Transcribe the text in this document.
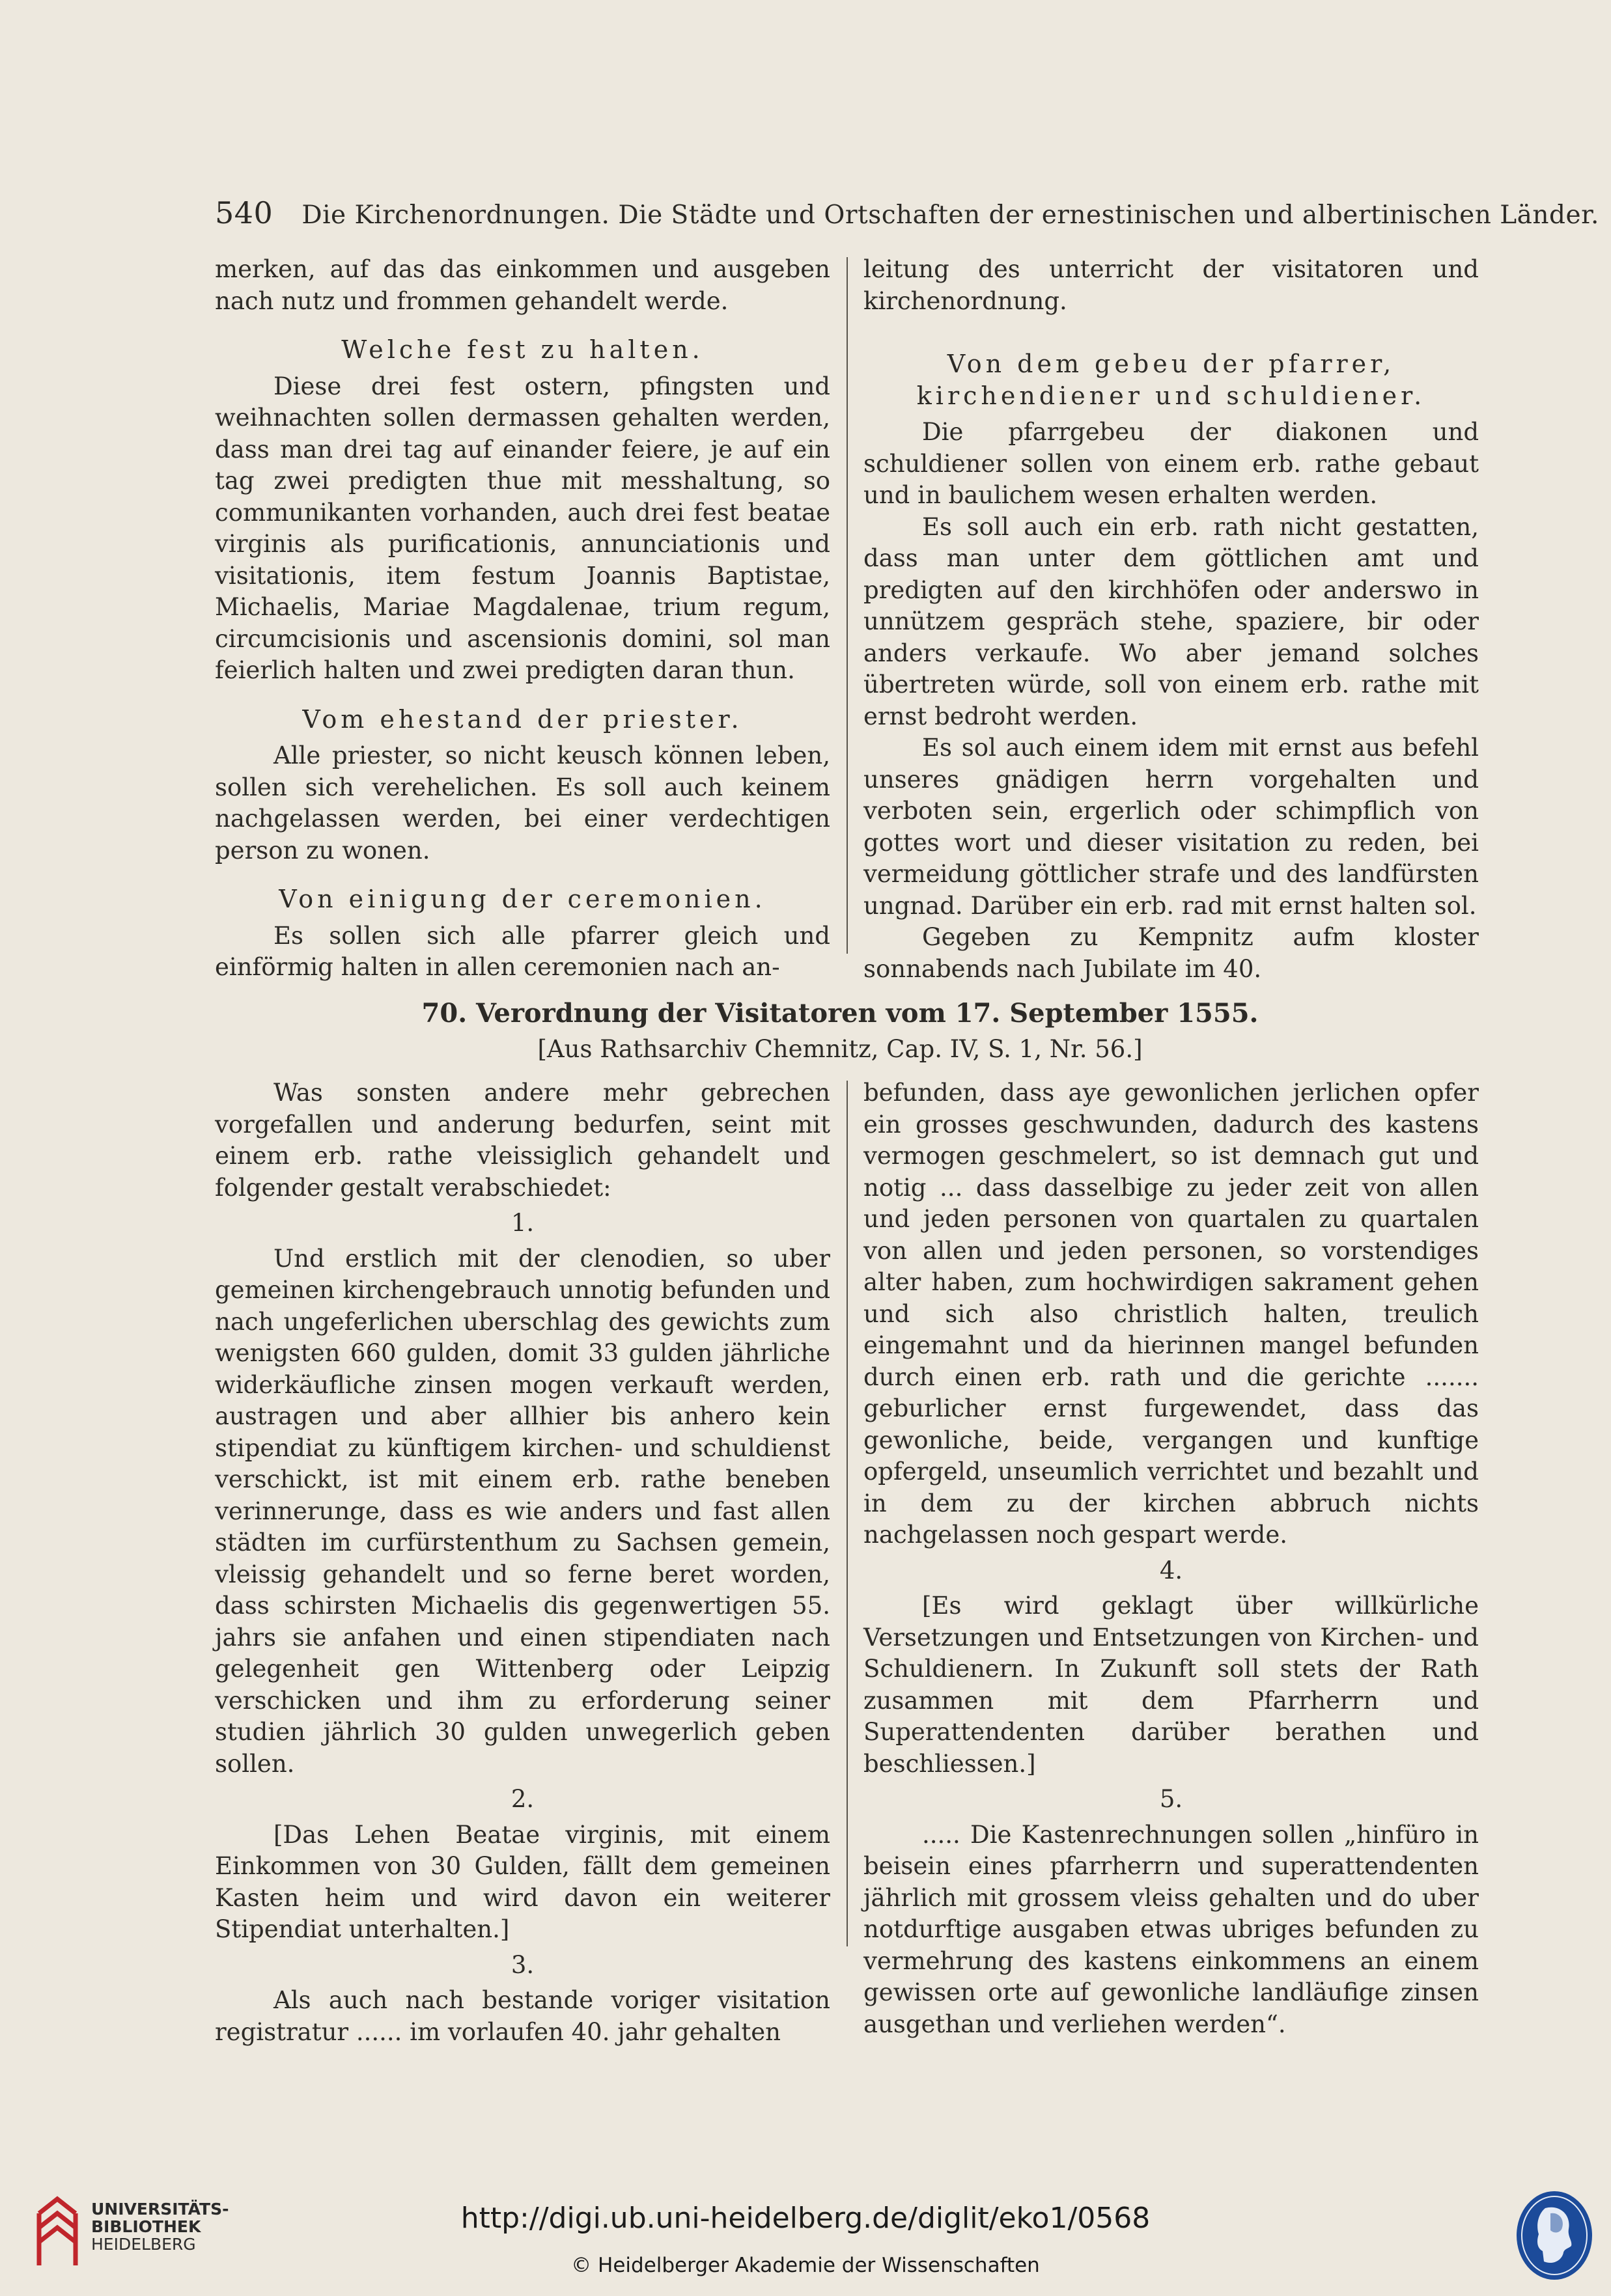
540 Die Kirchenordnungen. Die Städte und Ortschaften der ernestinischen und albertinischen Länder.

merken, auf das das einkommen und ausgeben nach nutz und frommen gehandelt werde.

Welche fest zu halten.

Diese drei fest ostern, pfingsten und weihnachten sollen dermassen gehalten werden, dass man drei tag auf einander feiere, je auf ein tag zwei predigten thue mit messhaltung, so communikanten vorhanden, auch drei fest beatae virginis als purificationis, annunciationis und visitationis, item festum Joannis Baptistae, Michaelis, Mariae Magdalenae, trium regum, circumcisionis und ascensionis domini, sol man feierlich halten und zwei predigten daran thun.

Vom ehestand der priester.

Alle priester, so nicht keusch können leben, sollen sich verehelichen. Es soll auch keinem nachgelassen werden, bei einer verdechtigen person zu wonen.

Von einigung der ceremonien.

Es sollen sich alle pfarrer gleich und einförmig halten in allen ceremonien nach an-

leitung des unterricht der visitatoren und kirchenordnung.

Von dem gebeu der pfarrer, kirchendiener und schuldiener.

Die pfarrgebeu der diakonen und schuldiener sollen von einem erb. rathe gebaut und in baulichem wesen erhalten werden.

Es soll auch ein erb. rath nicht gestatten, dass man unter dem göttlichen amt und predigten auf den kirchhöfen oder anderswo in unnützem gespräch stehe, spaziere, bir oder anders verkaufe. Wo aber jemand solches übertreten würde, soll von einem erb. rathe mit ernst bedroht werden.

Es sol auch einem idem mit ernst aus befehl unseres gnädigen herrn vorgehalten und verboten sein, ergerlich oder schimpflich von gottes wort und dieser visitation zu reden, bei vermeidung göttlicher strafe und des landfürsten ungnad. Darüber ein erb. rad mit ernst halten sol.

Gegeben zu Kempnitz aufm kloster sonnabends nach Jubilate im 40.

70. Verordnung der Visitatoren vom 17. September 1555.
[Aus Rathsarchiv Chemnitz, Cap. IV, S. 1, Nr. 56.]

Was sonsten andere mehr gebrechen vorgefallen und anderung bedurfen, seint mit einem erb. rathe vleissiglich gehandelt und folgender gestalt verabschiedet:

1.

Und erstlich mit der clenodien, so uber gemeinen kirchengebrauch unnotig befunden und nach ungeferlichen uberschlag des gewichts zum wenigsten 660 gulden, domit 33 gulden jährliche widerkäufliche zinsen mogen verkauft werden, austragen und aber allhier bis anhero kein stipendiat zu künftigem kirchen- und schuldienst verschickt, ist mit einem erb. rathe beneben verinnerunge, dass es wie anders und fast allen städten im curfürstenthum zu Sachsen gemein, vleissig gehandelt und so ferne beret worden, dass schirsten Michaelis dis gegenwertigen 55. jahrs sie anfahen und einen stipendiaten nach gelegenheit gen Wittenberg oder Leipzig verschicken und ihm zu erforderung seiner studien jährlich 30 gulden unwegerlich geben sollen.

2.

[Das Lehen Beatae virginis, mit einem Einkommen von 30 Gulden, fällt dem gemeinen Kasten heim und wird davon ein weiterer Stipendiat unterhalten.]

3.

Als auch nach bestande voriger visitation registratur ...... im vorlaufen 40. jahr gehalten

befunden, dass aye gewonlichen jerlichen opfer ein grosses geschwunden, dadurch des kastens vermogen geschmelert, so ist demnach gut und notig ... dass dasselbige zu jeder zeit von allen und jeden personen von quartalen zu quartalen von allen und jeden personen, so vorstendiges alter haben, zum hochwirdigen sakrament gehen und sich also christlich halten, treulich eingemahnt und da hierinnen mangel befunden durch einen erb. rath und die gerichte ....... geburlicher ernst furgewendet, dass das gewonliche, beide, vergangen und kunftige opfergeld, unseumlich verrichtet und bezahlt und in dem zu der kirchen abbruch nichts nachgelassen noch gespart werde.

4.

[Es wird geklagt über willkürliche Versetzungen und Entsetzungen von Kirchen- und Schuldienern. In Zukunft soll stets der Rath zusammen mit dem Pfarrherrn und Superattendenten darüber berathen und beschliessen.]

5.

..... Die Kastenrechnungen sollen „hinfüro in beisein eines pfarrherrn und superattendenten jährlich mit grossem vleiss gehalten und do uber notdurftige ausgaben etwas ubriges befunden zu vermehrung des kastens einkommens an einem gewissen orte auf gewonliche landläufige zinsen ausgethan und verliehen werden“.

UNIVERSITÄTS-
BIBLIOTHEK
HEIDELBERG
http://digi.ub.uni-heidelberg.de/diglit/eko1/0568
© Heidelberger Akademie der Wissenschaften
